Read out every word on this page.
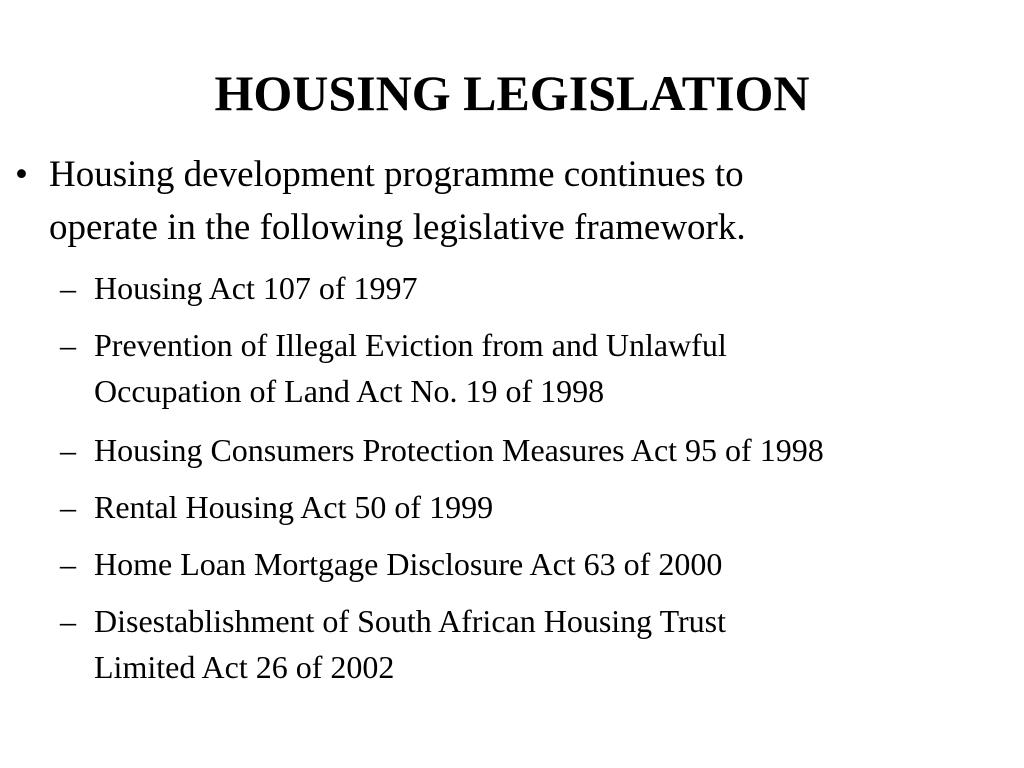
HOUSING LEGISLATION
• Housing development programme continues to
operate in the following legislative framework.
– Housing Act 107 of 1997
– Prevention of Illegal Eviction from and Unlawful
Occupation of Land Act No. 19 of 1998
– Housing Consumers Protection Measures Act 95 of 1998
– Rental Housing Act 50 of 1999
– Home Loan Mortgage Disclosure Act 63 of 2000
– Disestablishment of South African Housing Trust
Limited Act 26 of 2002
